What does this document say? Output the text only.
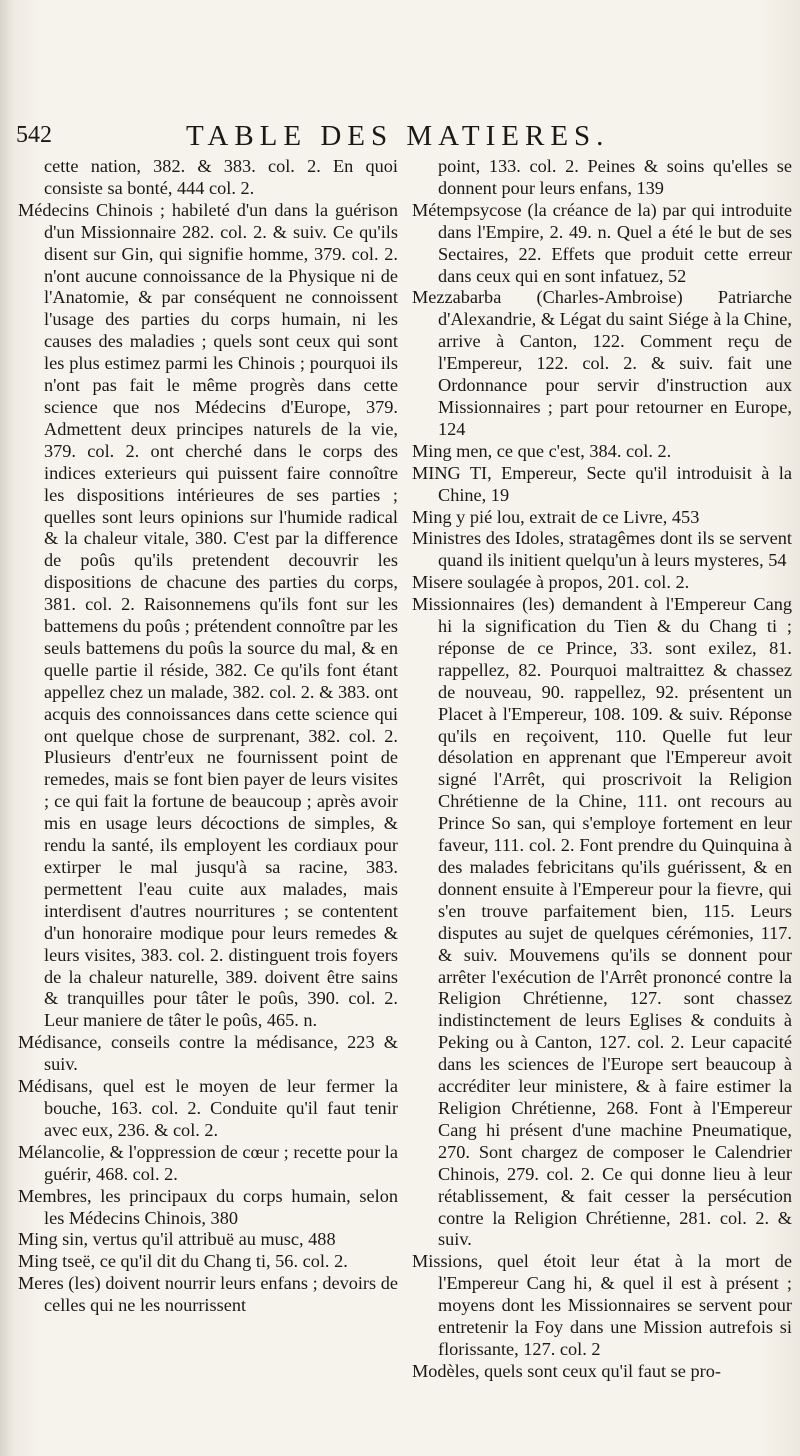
542	TABLE DES MATIERES.

cette nation, 382. & 383. col. 2. En quoi consiste sa bonté, 444 col. 2.

Médecins Chinois ; habileté d'un dans la guérison d'un Missionnaire 282. col. 2. & suiv. Ce qu'ils disent sur Gin, qui signifie homme, 379. col. 2. n'ont aucune connoissance de la Physique ni de l'Anatomie, & par conséquent ne connoissent l'usage des parties du corps humain, ni les causes des maladies ; quels sont ceux qui sont les plus estimez parmi les Chinois ; pourquoi ils n'ont pas fait le même progrès dans cette science que nos Médecins d'Europe, 379. Admettent deux principes naturels de la vie, 379. col. 2. ont cherché dans le corps des indices exterieurs qui puissent faire connoître les dispositions intérieures de ses parties ; quelles sont leurs opinions sur l'humide radical & la chaleur vitale, 380. C'est par la difference de poûs qu'ils pretendent decouvrir les dispositions de chacune des parties du corps, 381. col. 2. Raisonnemens qu'ils font sur les battemens du poûs ; prétendent connoître par les seuls battemens du poûs la source du mal, & en quelle partie il réside, 382. Ce qu'ils font étant appellez chez un malade, 382. col. 2. & 383. ont acquis des connoissances dans cette science qui ont quelque chose de surprenant, 382. col. 2. Plusieurs d'entr'eux ne fournissent point de remedes, mais se font bien payer de leurs visites ; ce qui fait la fortune de beaucoup ; après avoir mis en usage leurs décoctions de simples, & rendu la santé, ils employent les cordiaux pour extirper le mal jusqu'à sa racine, 383. permettent l'eau cuite aux malades, mais interdisent d'autres nourritures ; se contentent d'un honoraire modique pour leurs remedes & leurs visites, 383. col. 2. distinguent trois foyers de la chaleur naturelle, 389. doivent être sains & tranquilles pour tâter le poûs, 390. col. 2. Leur maniere de tâter le poûs, 465. n.

Médisance, conseils contre la médisance, 223 & suiv.

Médisans, quel est le moyen de leur fermer la bouche, 163. col. 2. Conduite qu'il faut tenir avec eux, 236. & col. 2.

Mélancolie, & l'oppression de cœur ; recette pour la guérir, 468. col. 2.

Membres, les principaux du corps humain, selon les Médecins Chinois, 380

Ming sin, vertus qu'il attribuë au musc, 488

Ming tseë, ce qu'il dit du Chang ti, 56. col. 2.

Meres (les) doivent nourrir leurs enfans ; devoirs de celles qui ne les nourrissent

point, 133. col. 2. Peines & soins qu'elles se donnent pour leurs enfans, 139

Métempsycose (la créance de la) par qui introduite dans l'Empire, 2. 49. n. Quel a été le but de ses Sectaires, 22. Effets que produit cette erreur dans ceux qui en sont infatuez, 52

Mezzabarba (Charles-Ambroise) Patriarche d'Alexandrie, & Légat du saint Siége à la Chine, arrive à Canton, 122. Comment reçu de l'Empereur, 122. col. 2. & suiv. fait une Ordonnance pour servir d'instruction aux Missionnaires ; part pour retourner en Europe, 124

Ming men, ce que c'est, 384. col. 2.

MING TI, Empereur, Secte qu'il introduisit à la Chine, 19

Ming y pié lou, extrait de ce Livre, 453

Ministres des Idoles, stratagêmes dont ils se servent quand ils initient quelqu'un à leurs mysteres, 54

Misere soulagée à propos, 201. col. 2.

Missionnaires (les) demandent à l'Empereur Cang hi la signification du Tien & du Chang ti ; réponse de ce Prince, 33. sont exilez, 81. rappellez, 82. Pourquoi maltraittez & chassez de nouveau, 90. rappellez, 92. présentent un Placet à l'Empereur, 108. 109. & suiv. Réponse qu'ils en reçoivent, 110. Quelle fut leur désolation en apprenant que l'Empereur avoit signé l'Arrêt, qui proscrivoit la Religion Chrétienne de la Chine, 111. ont recours au Prince So san, qui s'employe fortement en leur faveur, 111. col. 2. Font prendre du Quinquina à des malades febricitans qu'ils guérissent, & en donnent ensuite à l'Empereur pour la fievre, qui s'en trouve parfaitement bien, 115. Leurs disputes au sujet de quelques cérémonies, 117. & suiv. Mouvemens qu'ils se donnent pour arrêter l'exécution de l'Arrêt prononcé contre la Religion Chrétienne, 127. sont chassez indistinctement de leurs Eglises & conduits à Peking ou à Canton, 127. col. 2. Leur capacité dans les sciences de l'Europe sert beaucoup à accréditer leur ministere, & à faire estimer la Religion Chrétienne, 268. Font à l'Empereur Cang hi présent d'une machine Pneumatique, 270. Sont chargez de composer le Calendrier Chinois, 279. col. 2. Ce qui donne lieu à leur rétablissement, & fait cesser la persécution contre la Religion Chrétienne, 281. col. 2. & suiv.

Missions, quel étoit leur état à la mort de l'Empereur Cang hi, & quel il est à présent ; moyens dont les Missionnaires se servent pour entretenir la Foy dans une Mission autrefois si florissante, 127. col. 2

Modèles, quels sont ceux qu'il faut se pro-
